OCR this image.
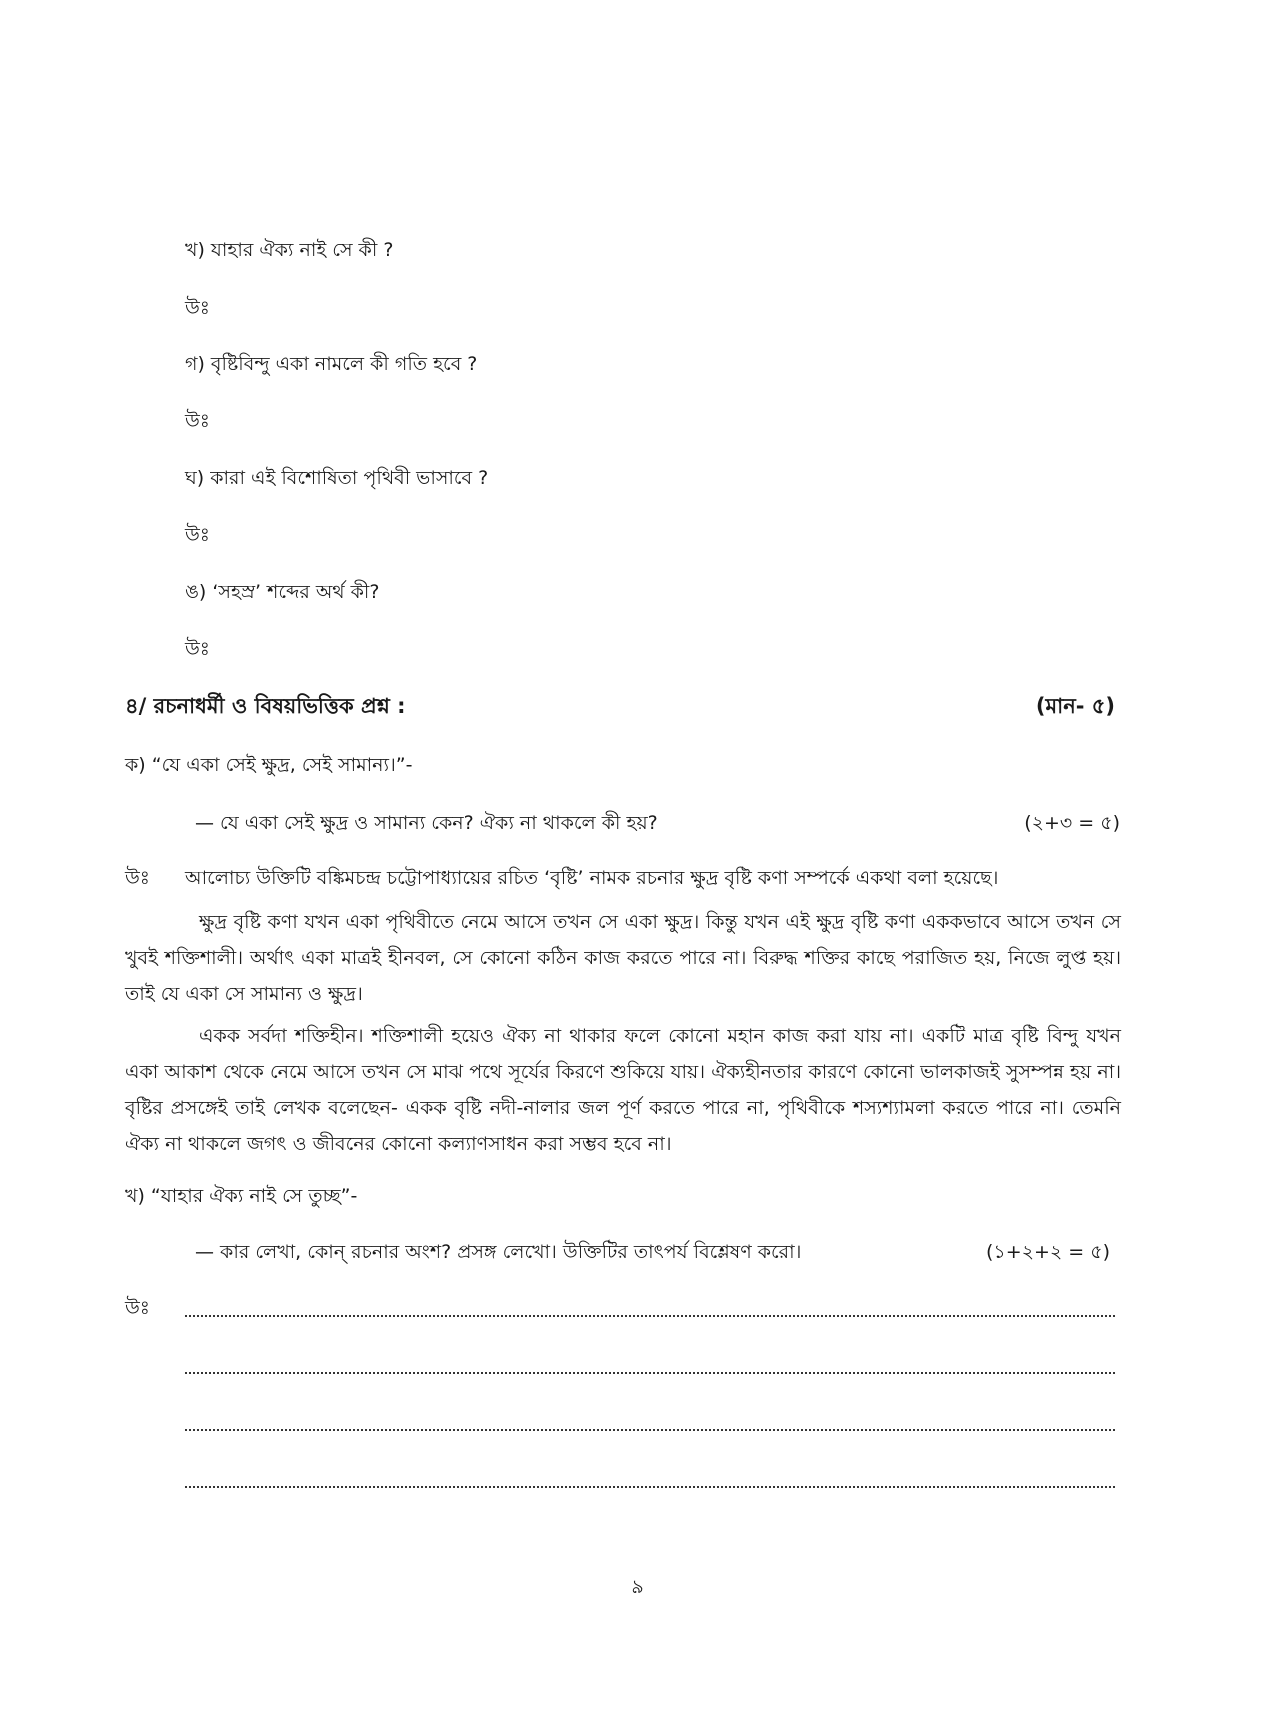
খ) যাহার ঐক্য নাই সে কী ?
উঃ
গ) বৃষ্টিবিন্দু একা নামলে কী গতি হবে ?
উঃ
ঘ) কারা এই বিশোষিতা পৃথিবী ভাসাবে ?
উঃ
ঙ) ‘সহস্র’ শব্দের অর্থ কী?
উঃ
৪/ রচনাধর্মী ও বিষয়ভিত্তিক প্রশ্ন :	(মান- ৫)
ক) “যে একা সেই ক্ষুদ্র, সেই সামান্য।”-
— যে একা সেই ক্ষুদ্র ও সামান্য কেন? ঐক্য না থাকলে কী হয়?	(২+৩ = ৫)
উঃ আলোচ্য উক্তিটি বঙ্কিমচন্দ্র চট্টোপাধ্যায়ের রচিত ‘বৃষ্টি’ নামক রচনার ক্ষুদ্র বৃষ্টি কণা সম্পর্কে একথা বলা হয়েছে।
ক্ষুদ্র বৃষ্টি কণা যখন একা পৃথিবীতে নেমে আসে তখন সে একা ক্ষুদ্র। কিন্তু যখন এই ক্ষুদ্র বৃষ্টি কণা এককভাবে আসে তখন সে খুবই শক্তিশালী। অর্থাৎ একা মাত্রই হীনবল, সে কোনো কঠিন কাজ করতে পারে না। বিরুদ্ধ শক্তির কাছে পরাজিত হয়, নিজে লুপ্ত হয়। তাই যে একা সে সামান্য ও ক্ষুদ্র।
একক সর্বদা শক্তিহীন। শক্তিশালী হয়েও ঐক্য না থাকার ফলে কোনো মহান কাজ করা যায় না। একটি মাত্র বৃষ্টি বিন্দু যখন একা আকাশ থেকে নেমে আসে তখন সে মাঝ পথে সূর্যের কিরণে শুকিয়ে যায়। ঐক্যহীনতার কারণে কোনো ভালকাজই সুসম্পন্ন হয় না। বৃষ্টির প্রসঙ্গেই তাই লেখক বলেছেন- একক বৃষ্টি নদী-নালার জল পূর্ণ করতে পারে না, পৃথিবীকে শস্যশ্যামলা করতে পারে না। তেমনি ঐক্য না থাকলে জগৎ ও জীবনের কোনো কল্যাণসাধন করা সম্ভব হবে না।
খ) “যাহার ঐক্য নাই সে তুচ্ছ”-
— কার লেখা, কোন্ রচনার অংশ? প্রসঙ্গ লেখো। উক্তিটির তাৎপর্য বিশ্লেষণ করো।	(১+২+২ = ৫)
উঃ
৯
